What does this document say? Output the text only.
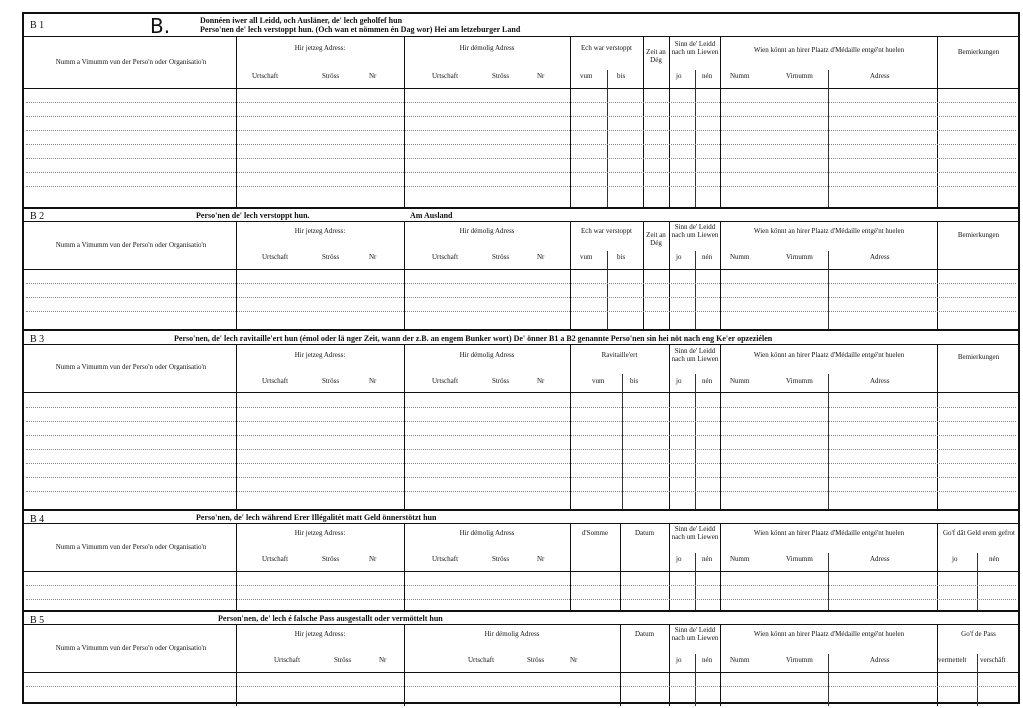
B 1	B.	Donnéen iwer all Leidd, och Ausläner, de' lech geholfef hun
Perso'nen de' lech verstoppt hun. (Och wan et nömmen én Dag wor) Hei am letzeburger Land
Numm a Vimumm vun der Perso'n oder Organisatio'n
Hir jetzeg Adress:
Urtschaft	Ströss	Nr
Hir démolig Adress
Urtschaft	Ströss	Nr
Ech war verstoppt
vum	bis
Zeit an Dég
Sinn de' Leidd nach um Liewen
jo	nén
Wien könnt an hirer Plaatz d'Médaille entgé'nt huelen
Numm	Virnumm	Adress
Bemierkungen
B 2	Perso'nen de' lech verstoppt hun.	Am Ausland
Numm a Vimumm vun der Perso'n oder Organisatio'n
Hir jetzeg Adress:
Urtschaft	Ströss	Nr
Hir démolig Adress
Urtschaft	Ströss	Nr
Ech war verstoppt
vum	bis
Zeit an Dég
Sinn de' Leidd nach um Liewen
jo	nén
Wien könnt an hirer Plaatz d'Médaille entgé'nt huelen
Numm	Virnumm	Adress
Bemierkungen
B 3	Perso'nen, de' lech ravitaille'ert hun (émol oder lä nger Zeit, wann der z.B. an engem Bunker wort) De' önner B1 a B2 genannte Perso'nen sin hei nöt nach eng Ke'er opzeziélen
Numm a Vimumm vun der Perso'n oder Organisatio'n
Hir jetzeg Adress:
Urtschaft	Ströss	Nr
Hir démolig Adress
Urtschaft	Ströss	Nr
Ravitaille'ert
vum	bis
Sinn de' Leidd nach um Liewen
jo	nén
Wien könnt an hirer Plaatz d'Médaille entgé'nt huelen
Numm	Virnumm	Adress
Bemierkungen
B 4	Perso'nen, de' lech während Erer Illégalitét matt Geld önnerstötzt hun
Numm a Vimumm vun der Perso'n oder Organisatio'n
Hir jetzeg Adress:
Urtschaft	Ströss	Nr
Hir démolig Adress
Urtschaft	Ströss	Nr
d'Somme	Datum	Sinn de' Leidd nach um Liewen
jo	nén
Wien könnt an hirer Plaatz d'Médaille entgé'nt huelen
Numm	Virnumm	Adress
Go'f dât Geld erem gefrot
jo	nén
B 5	Person'nen, de' lech é falsche Pass ausgestallt oder vermöttelt hun
Numm a Vimumm vun der Perso'n oder Organisatio'n
Hir jetzeg Adress:
Urtschaft	Ströss	Nr
Hir démolig Adress
Urtschaft	Ströss	Nr
Datum	Sinn de' Leidd nach um Liewen
jo	nén
Wien könnt an hirer Plaatz d'Médaille entgé'nt huelen
Numm	Virnumm	Adress
Go'f de Pass
vermettelt verschäft
